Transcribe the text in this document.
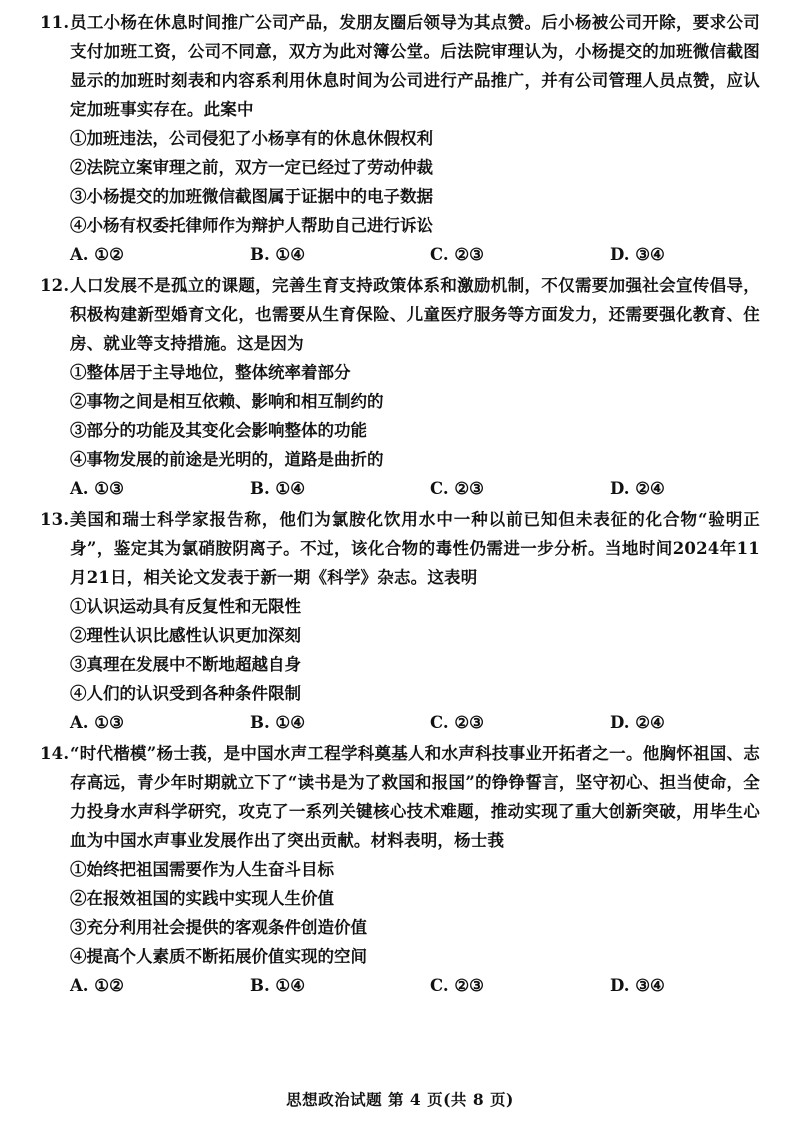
11. 员工小杨在休息时间推广公司产品，发朋友圈后领导为其点赞。后小杨被公司开除，要求公司支付加班工资，公司不同意，双方为此对簿公堂。后法院审理认为，小杨提交的加班微信截图显示的加班时刻表和内容系利用休息时间为公司进行产品推广，并有公司管理人员点赞，应认定加班事实存在。此案中
①加班违法，公司侵犯了小杨享有的休息休假权利
②法院立案审理之前，双方一定已经过了劳动仲裁
③小杨提交的加班微信截图属于证据中的电子数据
④小杨有权委托律师作为辩护人帮助自己进行诉讼
A. ①②	B. ①④	C. ②③	D. ③④
12. 人口发展不是孤立的课题，完善生育支持政策体系和激励机制，不仅需要加强社会宣传倡导，积极构建新型婚育文化，也需要从生育保险、儿童医疗服务等方面发力，还需要强化教育、住房、就业等支持措施。这是因为
①整体居于主导地位，整体统率着部分
②事物之间是相互依赖、影响和相互制约的
③部分的功能及其变化会影响整体的功能
④事物发展的前途是光明的，道路是曲折的
A. ①③	B. ①④	C. ②③	D. ②④
13. 美国和瑞士科学家报告称，他们为氯胺化饮用水中一种以前已知但未表征的化合物“验明正身”，鉴定其为氯硝胺阴离子。不过，该化合物的毒性仍需进一步分析。当地时间2024年11月21日，相关论文发表于新一期《科学》杂志。这表明
①认识运动具有反复性和无限性
②理性认识比感性认识更加深刻
③真理在发展中不断地超越自身
④人们的认识受到各种条件限制
A. ①③	B. ①④	C. ②③	D. ②④
14. “时代楷模”杨士莪，是中国水声工程学科奠基人和水声科技事业开拓者之一。他胸怀祖国、志存高远，青少年时期就立下了“读书是为了救国和报国”的铮铮誓言，坚守初心、担当使命，全力投身水声科学研究，攻克了一系列关键核心技术难题，推动实现了重大创新突破，用毕生心血为中国水声事业发展作出了突出贡献。材料表明，杨士莪
①始终把祖国需要作为人生奋斗目标
②在报效祖国的实践中实现人生价值
③充分利用社会提供的客观条件创造价值
④提高个人素质不断拓展价值实现的空间
A. ①②	B. ①④	C. ②③	D. ③④
思想政治试题 第 4 页(共 8 页)
